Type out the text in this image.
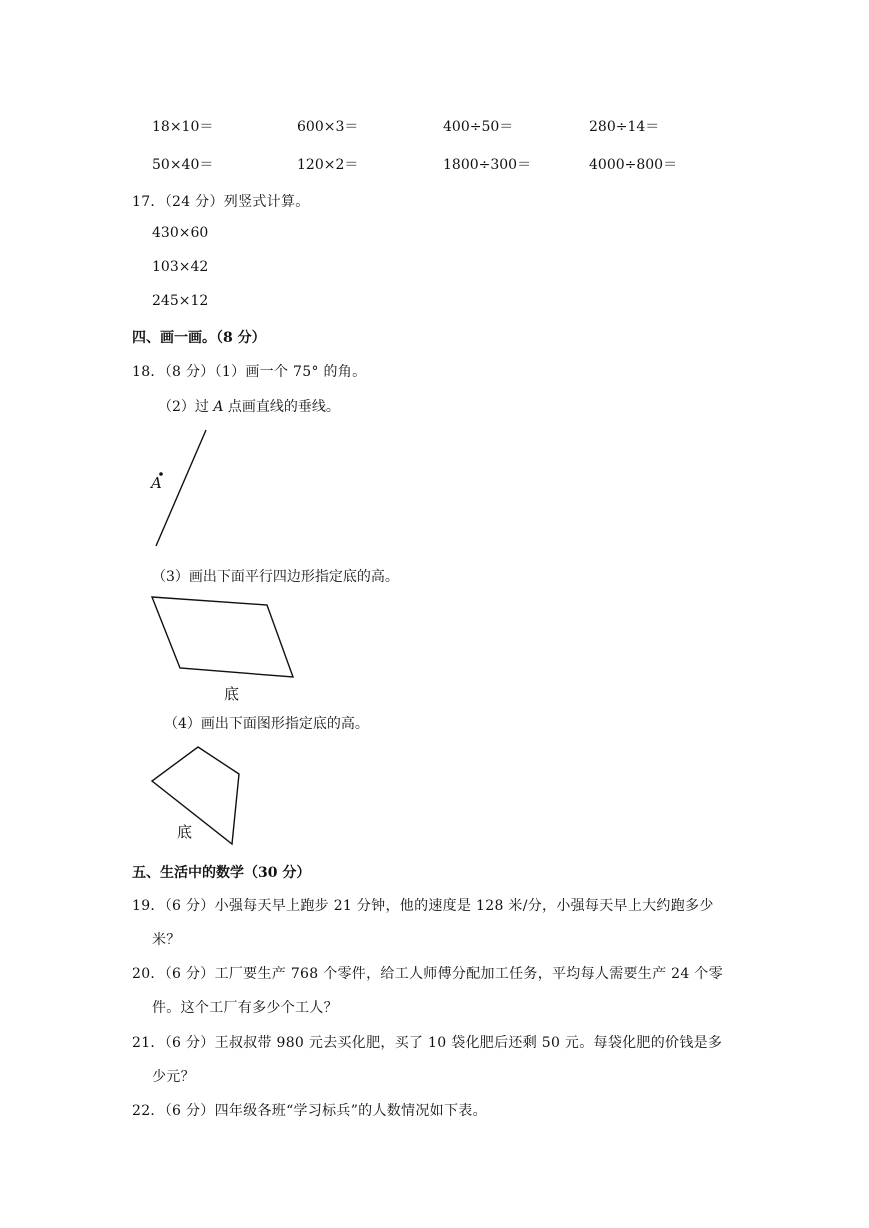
18×10＝	600×3＝	400÷50＝	280÷14＝
50×40＝	120×2＝	1800÷300＝	4000÷800＝
17．（24 分）列竖式计算。
430×60
103×42
245×12
四、画一画。（8 分）
18．（8 分）（1）画一个 75° 的角。
（2）过 A 点画直线的垂线。
A
（3）画出下面平行四边形指定底的高。
底
（4）画出下面图形指定底的高。
底
五、生活中的数学（30 分）
19．（6 分）小强每天早上跑步 21 分钟，他的速度是 128 米/分，小强每天早上大约跑多少
米？
20．（6 分）工厂要生产 768 个零件，给工人师傅分配加工任务，平均每人需要生产 24 个零
件。这个工厂有多少个工人？
21．（6 分）王叔叔带 980 元去买化肥，买了 10 袋化肥后还剩 50 元。每袋化肥的价钱是多
少元？
22．（6 分）四年级各班“学习标兵”的人数情况如下表。
